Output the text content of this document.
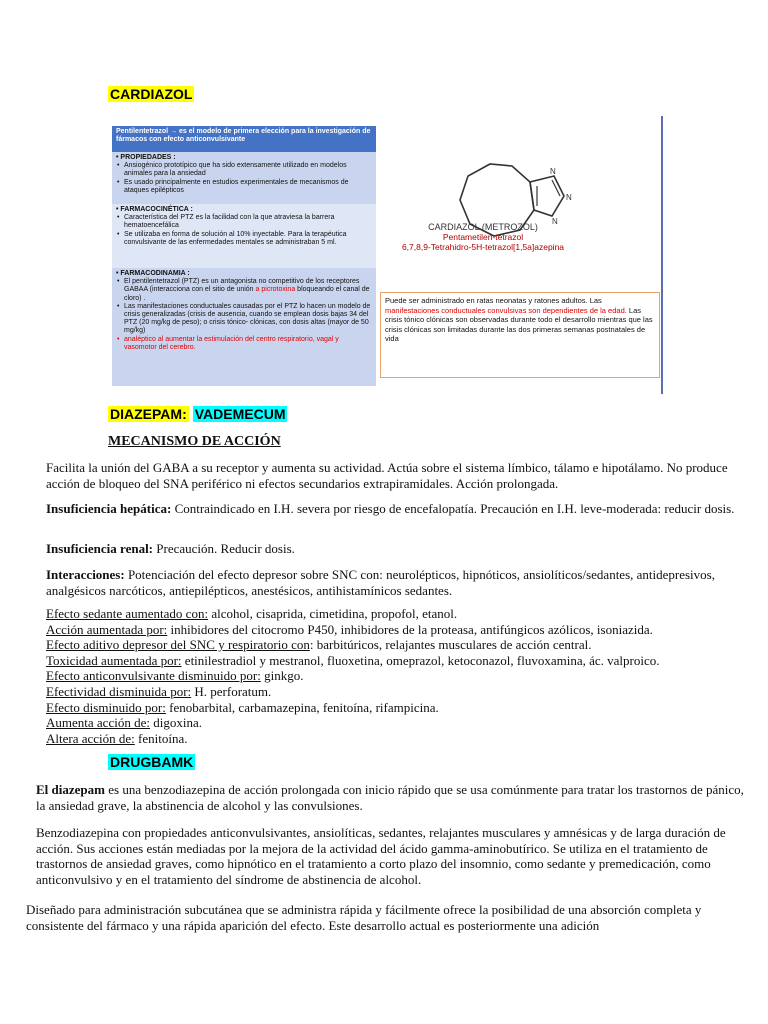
CARDIAZOL
Pentilentetrazol → es el modelo de primera elección para la investigación de fármacos con efecto anticonvulsivante
• PROPIEDADES :
• Ansiogénico prototípico que ha sido extensamente utilizado en modelos animales para la ansiedad
• Es usado principalmente en estudios experimentales de mecanismos de ataques epilépticos
• FARMACOCINÉTICA :
• Característica del PTZ es la facilidad con la que atraviesa la barrera hematoencefálica
• Se utilizaba en forma de solución al 10% inyectable. Para la terapéutica convulsivante de las enfermedades mentales se administraban 5 ml.
• FARMACODINAMIA :
• El pentilentetrazol (PTZ) es un antagonista no competitivo de los receptores GABAA (interacciona con el sitio de unión a picrotoxina bloqueando el canal de cloro) .
• Las manifestaciones conductuales causadas por el PTZ lo hacen un modelo de crisis generalizadas (crisis de ausencia, cuando se emplean dosis bajas 34 del PTZ (20 mg/kg de peso); o crisis tónico- clónicas, con dosis altas (mayor de 50 mg/kg)
• analéptico al aumentar la estimulación del centro respiratorio, vagal y vasomotor del cerebro.
N
N
N
CARDIAZOL (METROZOL)
Pentametilen-tetrazol
6,7,8,9-Tetrahidro-5H-tetrazol[1,5a]azepina
Puede ser administrado en ratas neonatas y ratones adultos. Las manifestaciones conductuales convulsivas son dependientes de la edad. Las crisis tónico clónicas son observadas durante todo el desarrollo mientras que las crisis clónicas son limitadas durante las dos primeras semanas postnatales de vida
DIAZEPAM: VADEMECUM
MECANISMO DE ACCIÓN
Facilita la unión del GABA a su receptor y aumenta su actividad. Actúa sobre el sistema límbico, tálamo e hipotálamo. No produce acción de bloqueo del SNA periférico ni efectos secundarios extrapiramidales. Acción prolongada.
Insuficiencia hepática: Contraindicado en I.H. severa por riesgo de encefalopatía. Precaución en I.H. leve-moderada: reducir dosis.
Insuficiencia renal: Precaución. Reducir dosis.
Interacciones: Potenciación del efecto depresor sobre SNC con: neurolépticos, hipnóticos, ansiolíticos/sedantes, antidepresivos, analgésicos narcóticos, antiepilépticos, anestésicos, antihistamínicos sedantes.
Efecto sedante aumentado con: alcohol, cisaprida, cimetidina, propofol, etanol.
Acción aumentada por: inhibidores del citocromo P450, inhibidores de la proteasa, antifúngicos azólicos, isoniazida.
Efecto aditivo depresor del SNC y respiratorio con: barbitúricos, relajantes musculares de acción central.
Toxicidad aumentada por: etinilestradiol y mestranol, fluoxetina, omeprazol, ketoconazol, fluvoxamina, ác. valproico.
Efecto anticonvulsivante disminuido por: ginkgo.
Efectividad disminuida por: H. perforatum.
Efecto disminuido por: fenobarbital, carbamazepina, fenitoína, rifampicina.
Aumenta acción de: digoxina.
Altera acción de: fenitoína.
DRUGBAMK
El diazepam es una benzodiazepina de acción prolongada con inicio rápido que se usa comúnmente para tratar los trastornos de pánico, la ansiedad grave, la abstinencia de alcohol y las convulsiones.
Benzodiazepina con propiedades anticonvulsivantes, ansiolíticas, sedantes, relajantes musculares y amnésicas y de larga duración de acción. Sus acciones están mediadas por la mejora de la actividad del ácido gamma-aminobutírico. Se utiliza en el tratamiento de trastornos de ansiedad graves, como hipnótico en el tratamiento a corto plazo del insomnio, como sedante y premedicación, como anticonvulsivo y en el tratamiento del síndrome de abstinencia de alcohol.
Diseñado para administración subcutánea que se administra rápida y fácilmente ofrece la posibilidad de una absorción completa y consistente del fármaco y una rápida aparición del efecto. Este desarrollo actual es posteriormente una adición
